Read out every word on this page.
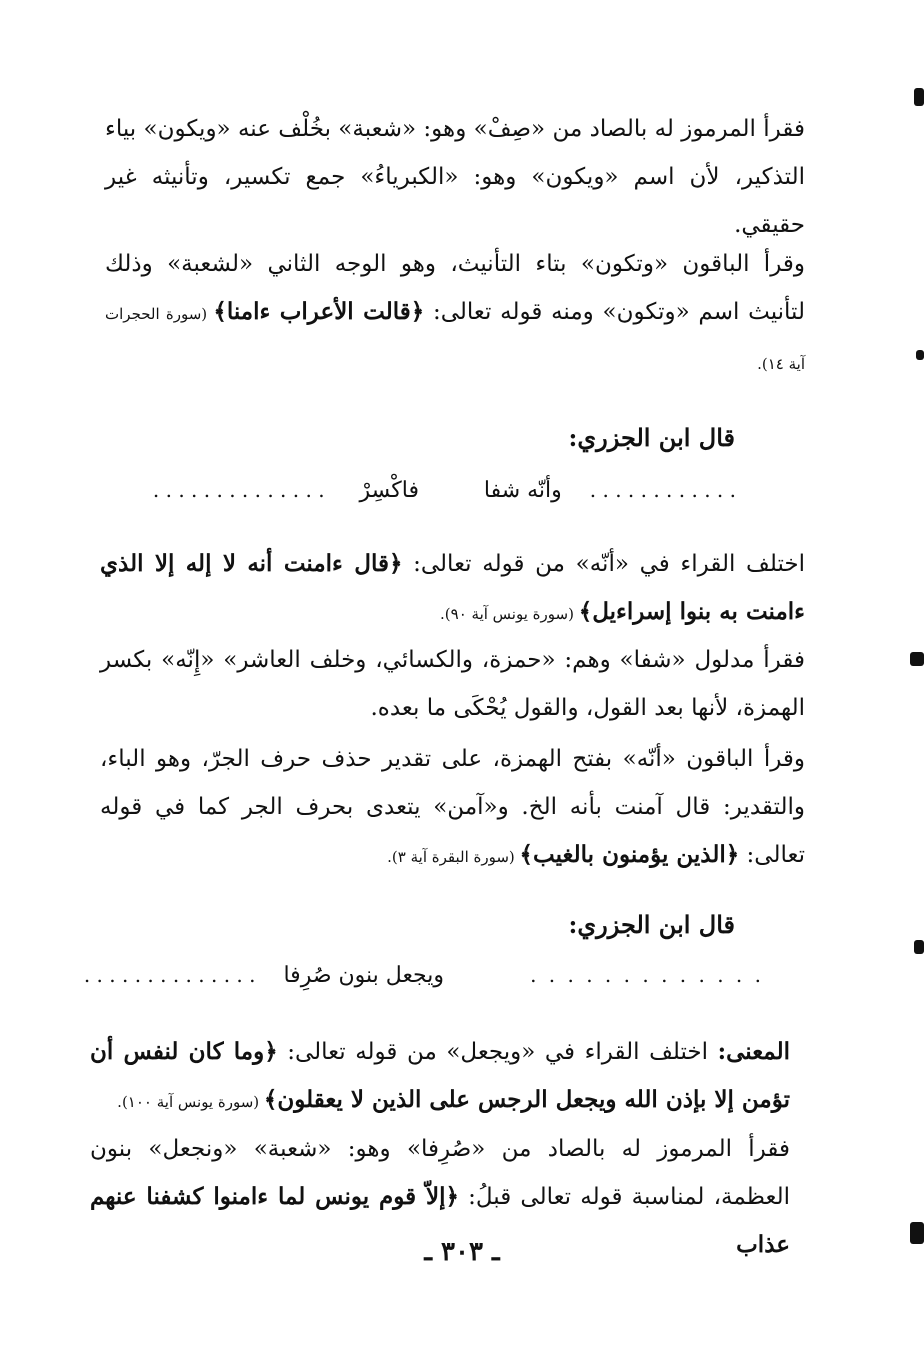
فقرأ المرموز له بالصاد من «صِفْ» وهو: «شعبة» بخُلْف عنه «ويكون» بياء التذكير، لأن اسم «ويكون» وهو: «الكبرياءُ» جمع تكسير، وتأنيثه غير حقيقي.
وقرأ الباقون «وتكون» بتاء التأنيث، وهو الوجه الثاني «لشعبة» وذلك لتأنيث اسم «وتكون» ومنه قوله تعالى: ﴿قالت الأعراب ءامنا﴾ (سورة الحجرات آية ١٤).
قال ابن الجزري:
. . . . . . . . . . . .    وأنّه شفا
فاكْسِرْ     . . . . . . . . . . . . . .
اختلف القراء في «أنّه» من قوله تعالى: ﴿قال ءامنت أنه لا إله إلا الذي ءامنت به بنوا إسراءيل﴾ (سورة يونس آية ٩٠).
فقرأ مدلول «شفا» وهم: «حمزة، والكسائي، وخلف العاشر» «إِنّه» بكسر الهمزة، لأنها بعد القول، والقول يُحْكَى ما بعده.
وقرأ الباقون «أنّه» بفتح الهمزة، على تقدير حذف حرف الجرّ، وهو الباء، والتقدير: قال آمنت بأنه الخ. و«آمن» يتعدى بحرف الجر كما في قوله تعالى: ﴿الذين يؤمنون بالغيب﴾ (سورة البقرة آية ٣).
قال ابن الجزري:
. . . . . . . . . . . . .
ويجعل بنون صُرِفا    . . . . . . . . . . . . . .
المعنى: اختلف القراء في «ويجعل» من قوله تعالى: ﴿وما كان لنفس أن تؤمن إلا بإذن الله ويجعل الرجس على الذين لا يعقلون﴾ (سورة يونس آية ١٠٠).
فقرأ المرموز له بالصاد من «صُرِفا» وهو: «شعبة» «ونجعل» بنون العظمة، لمناسبة قوله تعالى قبلُ: ﴿إلاّ قوم يونس لما ءامنوا كشفنا عنهم عذاب
ـ ٣٠٣ ـ
